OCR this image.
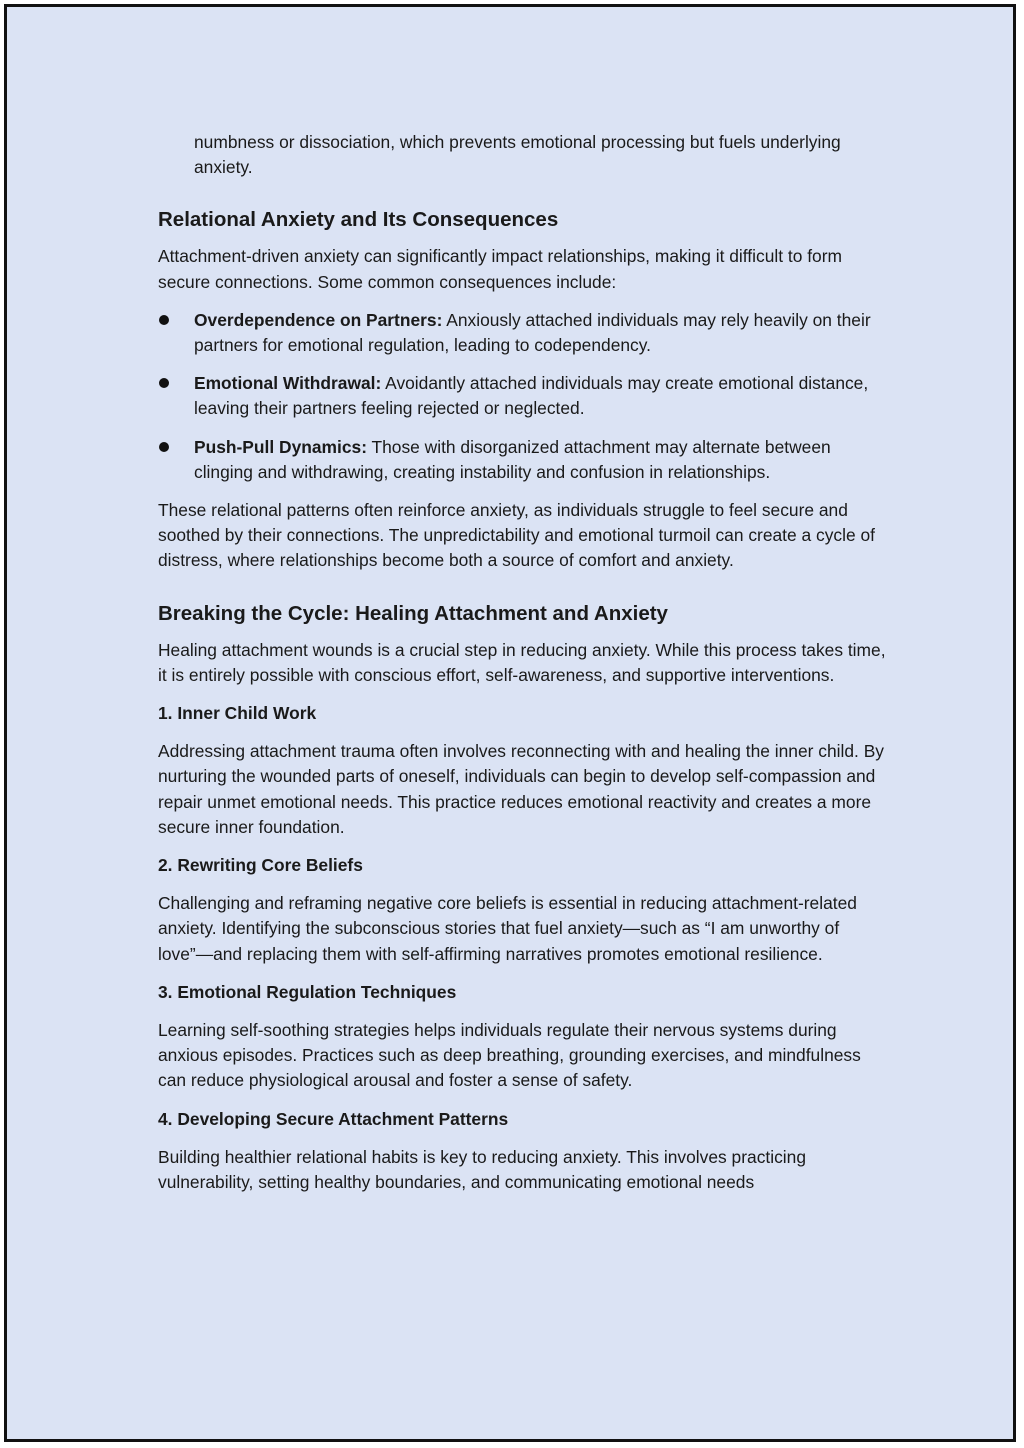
numbness or dissociation, which prevents emotional processing but fuels underlying anxiety.

Relational Anxiety and Its Consequences

Attachment-driven anxiety can significantly impact relationships, making it difficult to form secure connections. Some common consequences include:

Overdependence on Partners: Anxiously attached individuals may rely heavily on their partners for emotional regulation, leading to codependency.
Emotional Withdrawal: Avoidantly attached individuals may create emotional distance, leaving their partners feeling rejected or neglected.
Push-Pull Dynamics: Those with disorganized attachment may alternate between clinging and withdrawing, creating instability and confusion in relationships.

These relational patterns often reinforce anxiety, as individuals struggle to feel secure and soothed by their connections. The unpredictability and emotional turmoil can create a cycle of distress, where relationships become both a source of comfort and anxiety.

Breaking the Cycle: Healing Attachment and Anxiety

Healing attachment wounds is a crucial step in reducing anxiety. While this process takes time, it is entirely possible with conscious effort, self-awareness, and supportive interventions.

1. Inner Child Work

Addressing attachment trauma often involves reconnecting with and healing the inner child. By nurturing the wounded parts of oneself, individuals can begin to develop self-compassion and repair unmet emotional needs. This practice reduces emotional reactivity and creates a more secure inner foundation.

2. Rewriting Core Beliefs

Challenging and reframing negative core beliefs is essential in reducing attachment-related anxiety. Identifying the subconscious stories that fuel anxiety—such as “I am unworthy of love”—and replacing them with self-affirming narratives promotes emotional resilience.

3. Emotional Regulation Techniques

Learning self-soothing strategies helps individuals regulate their nervous systems during anxious episodes. Practices such as deep breathing, grounding exercises, and mindfulness can reduce physiological arousal and foster a sense of safety.

4. Developing Secure Attachment Patterns

Building healthier relational habits is key to reducing anxiety. This involves practicing vulnerability, setting healthy boundaries, and communicating emotional needs
